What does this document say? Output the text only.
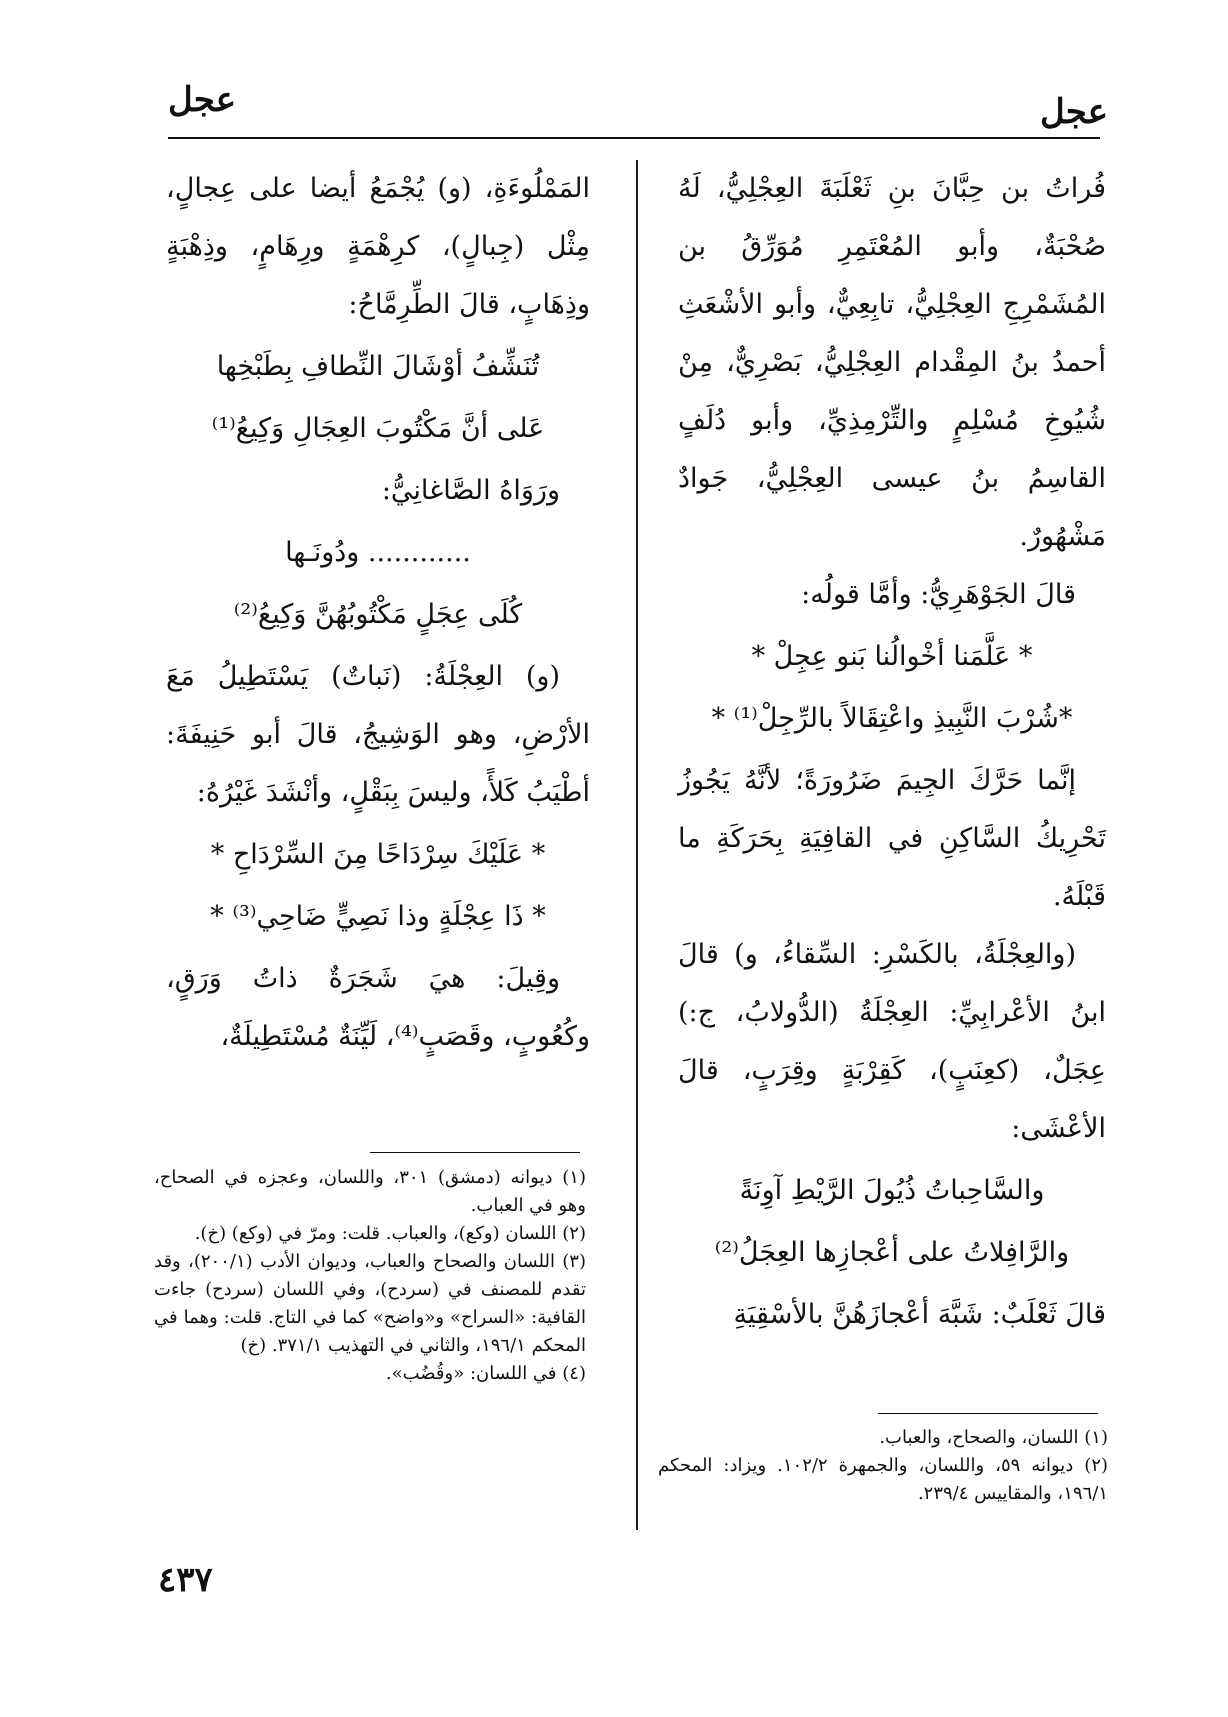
عجل
عجل

فُراتُ بن حِبَّانَ بنِ ثَعْلَبَةَ العِجْلِيُّ، لَهُ صُحْبَةٌ، وأبو المُعْتَمِرِ مُوَرِّقُ بن المُشَمْرِجِ العِجْلِيُّ، تابِعِيٌّ، وأبو الأشْعَثِ أحمدُ بنُ المِقْدام العِجْلِيُّ، بَصْرِيٌّ، مِنْ شُيُوخِ مُسْلِمٍ والتِّرْمِذِيِّ، وأبو دُلَفٍ القاسِمُ بنُ عيسى العِجْلِيُّ، جَوادٌ مَشْهُورٌ.

قالَ الجَوْهَرِيُّ: وأمَّا قولُه:

* عَلَّمَنا أخْوالُنا بَنو عِجِلْ *

*شُرْبَ النَّبِيذِ واعْتِقَالاً بالرِّجِلْ⁽¹⁾ *

إنَّما حَرَّكَ الجِيمَ ضَرُورَةً؛ لأنَّهُ يَجُوزُ تَحْرِيكُ السَّاكِنِ في القافِيَةِ بِحَرَكَةِ ما قَبْلَهُ.

(والعِجْلَةُ، بالكَسْرِ: السِّقاءُ، و) قالَ ابنُ الأعْرابِيِّ: العِجْلَةُ (الدُّولابُ، ج:) عِجَلٌ، (كعِنَبٍ)، كَقِرْبَةٍ وقِرَبٍ، قالَ الأعْشَى:

والسَّاحِباتُ ذُيُولَ الرَّيْطِ آوِنَةً

والرَّافِلاتُ على أعْجازِها العِجَلُ⁽²⁾

قالَ ثَعْلَبٌ: شَبَّهَ أعْجازَهُنَّ بالأسْقِيَةِ

(١) اللسان، والصحاح، والعباب.

(٢) ديوانه ٥٩، واللسان، والجمهرة ١٠٢/٢. ويزاد: المحكم ١٩٦/١، والمقاييس ٢٣٩/٤.

المَمْلُوءَةِ، (و) يُجْمَعُ أيضا على عِجالٍ، مِثْل (جِبالٍ)، كرِهْمَةٍ ورِهَامٍ، وذِهْبَةٍ وذِهَابٍ، قالَ الطِّرِمَّاحُ:

تُنَشِّفُ أوْشَالَ النِّطافِ بِطَبْخِها

عَلى أنَّ مَكْتُوبَ العِجَالِ وَكِيعُ⁽¹⁾

ورَوَاهُ الصَّاغانِيُّ:

............ ودُونَـها

كُلَى عِجَلٍ مَكْتُوبُهُنَّ وَكِيعُ⁽²⁾

(و) العِجْلَةُ: (نَباتٌ) يَسْتَطِيلُ مَعَ الأرْضِ، وهو الوَشِيجُ، قالَ أبو حَنِيفَةَ: أطْيَبُ كَلأً، وليسَ بِبَقْلٍ، وأنْشَدَ غَيْرُهُ:

* عَلَيْكَ سِرْدَاحًا مِنَ السِّرْدَاحِ *

* ذَا عِجْلَةٍ وذا نَصِيٍّ ضَاحِي⁽³⁾ *

وقِيلَ: هيَ شَجَرَةٌ ذاتُ وَرَقٍ، وكُعُوبٍ، وقَصَبٍ⁽⁴⁾، لَيِّنَةٌ مُسْتَطِيلَةٌ،

(١) ديوانه (دمشق) ٣٠١، واللسان، وعجزه في الصحاح، وهو في العباب.

(٢) اللسان (وكع)، والعباب. قلت: ومرّ في (وكع) (خ).

(٣) اللسان والصحاح والعباب، وديوان الأدب (٢٠٠/١)، وقد تقدم للمصنف في (سردح)، وفي اللسان (سردح) جاءت القافية: «السراح» و«واضح» كما في التاج. قلت: وهما في المحكم ١٩٦/١، والثاني في التهذيب ٣٧١/١. (خ)

(٤) في اللسان: «وقُضُب».

٤٣٧
